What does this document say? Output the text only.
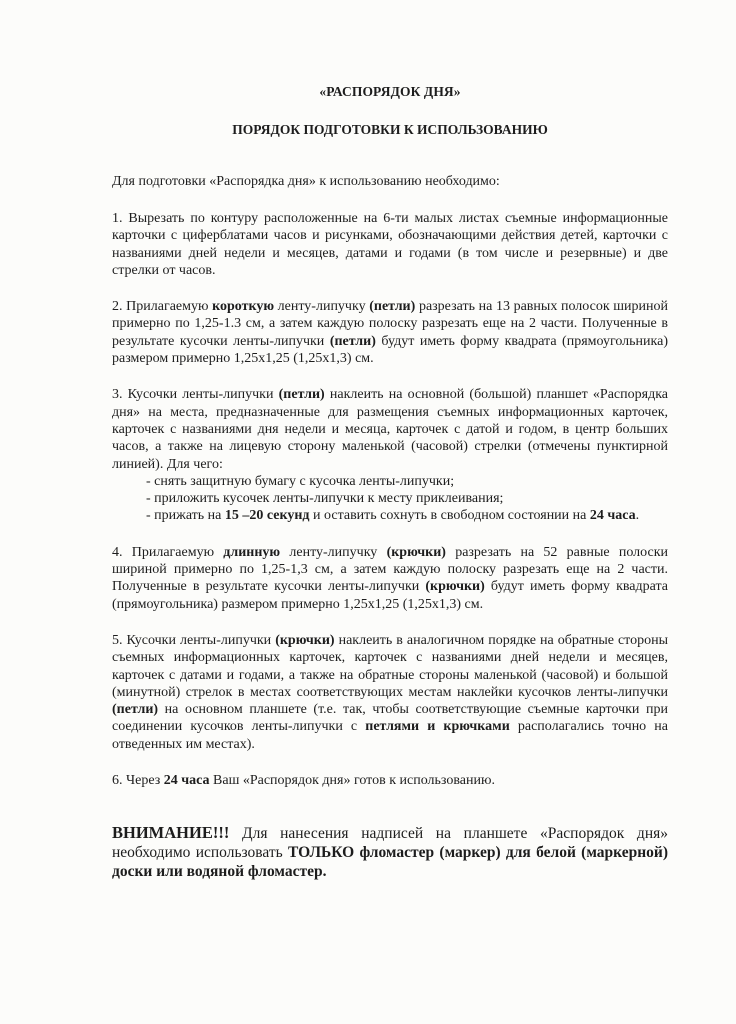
«РАСПОРЯДОК ДНЯ»
ПОРЯДОК ПОДГОТОВКИ К ИСПОЛЬЗОВАНИЮ
Для подготовки «Распорядка дня» к использованию необходимо:
1. Вырезать по контуру расположенные на 6-ти малых листах съемные информационные карточки с циферблатами часов и рисунками, обозначающими действия детей, карточки с названиями дней недели и месяцев, датами и годами (в том числе и резервные) и две стрелки от часов.
2. Прилагаемую короткую ленту-липучку (петли) разрезать на 13 равных полосок шириной примерно по 1,25-1.3 см, а затем каждую полоску разрезать еще на 2 части. Полученные в результате кусочки ленты-липучки (петли) будут иметь форму квадрата (прямоугольника) размером примерно 1,25х1,25 (1,25х1,3) см.
3. Кусочки ленты-липучки (петли) наклеить на основной (большой) планшет «Распорядка дня» на места, предназначенные для размещения съемных информационных карточек, карточек с названиями дня недели и месяца, карточек с датой и годом, в центр больших часов, а также на лицевую сторону маленькой (часовой) стрелки (отмечены пунктирной линией). Для чего:
- снять защитную бумагу с кусочка ленты-липучки;
- приложить кусочек ленты-липучки к месту приклеивания;
- прижать на 15 –20 секунд и оставить сохнуть в свободном состоянии на 24 часа.
4. Прилагаемую длинную ленту-липучку (крючки) разрезать на 52 равные полоски шириной примерно по 1,25-1,3 см, а затем каждую полоску разрезать еще на 2 части. Полученные в результате кусочки ленты-липучки (крючки) будут иметь форму квадрата (прямоугольника) размером примерно 1,25х1,25 (1,25х1,3) см.
5. Кусочки ленты-липучки (крючки) наклеить в аналогичном порядке на обратные стороны съемных информационных карточек, карточек с названиями дней недели и месяцев, карточек с датами и годами, а также на обратные стороны маленькой (часовой) и большой (минутной) стрелок в местах соответствующих местам наклейки кусочков ленты-липучки (петли) на основном планшете (т.е. так, чтобы соответствующие съемные карточки при соединении кусочков ленты-липучки с петлями и крючками располагались точно на отведенных им местах).
6. Через 24 часа Ваш «Распорядок дня» готов к использованию.
ВНИМАНИЕ!!! Для нанесения надписей на планшете «Распорядок дня» необходимо использовать ТОЛЬКО фломастер (маркер) для белой (маркерной) доски или водяной фломастер.
